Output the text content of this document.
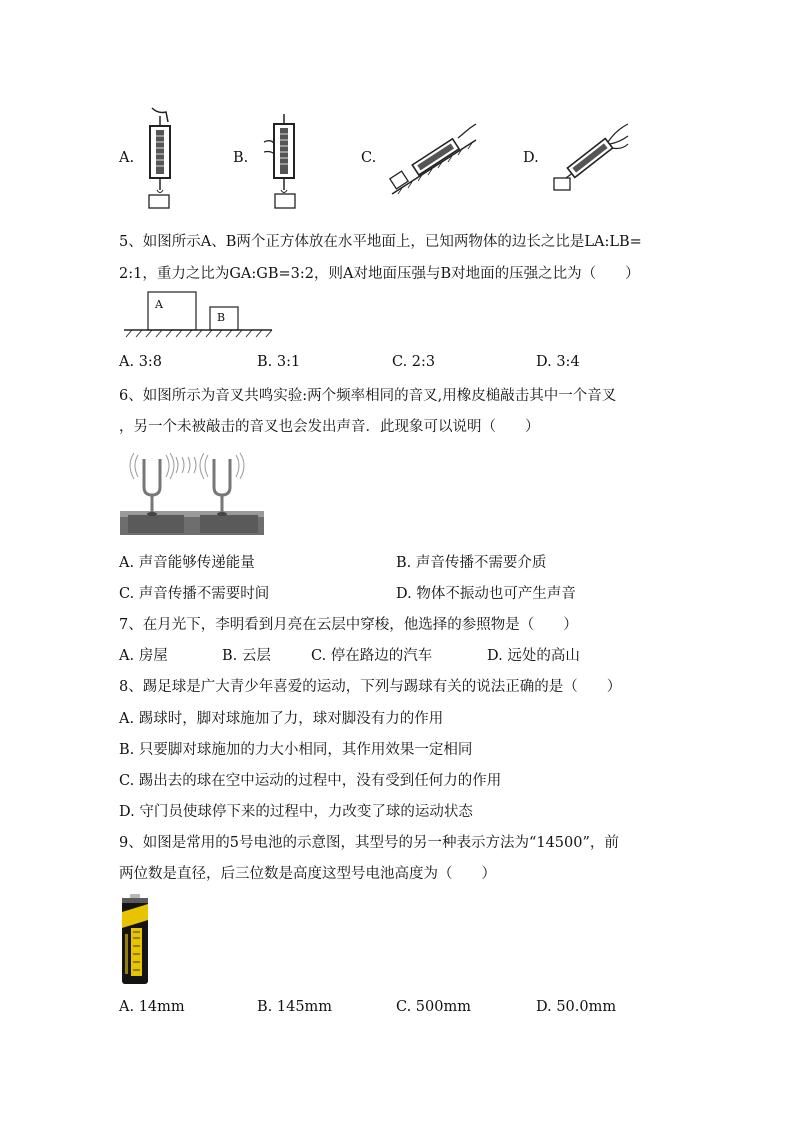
A.	B.	C.	D.
5、如图所示A、B两个正方体放在水平地面上，已知两物体的边长之比是LA:LB=
2:1，重力之比为GA:GB=3:2，则A对地面压强与B对地面的压强之比为（　　）
A
B
A. 3:8	B. 3:1	C. 2:3	D. 3:4
6、如图所示为音叉共鸣实验:两个频率相同的音叉,用橡皮槌敲击其中一个音叉
，另一个未被敲击的音叉也会发出声音．此现象可以说明（　　）
A. 声音能够传递能量	B. 声音传播不需要介质
C. 声音传播不需要时间	D. 物体不振动也可产生声音
7、在月光下，李明看到月亮在云层中穿梭，他选择的参照物是（　　）
A. 房屋	B. 云层	C. 停在路边的汽车	D. 远处的高山
8、踢足球是广大青少年喜爱的运动，下列与踢球有关的说法正确的是（　　）
A. 踢球时，脚对球施加了力，球对脚没有力的作用
B. 只要脚对球施加的力大小相同，其作用效果一定相同
C. 踢出去的球在空中运动的过程中，没有受到任何力的作用
D. 守门员使球停下来的过程中，力改变了球的运动状态
9、如图是常用的5号电池的示意图，其型号的另一种表示方法为“14500”，前
两位数是直径，后三位数是高度这型号电池高度为（　　）
A. 14mm	B. 145mm	C. 500mm	D. 50.0mm
